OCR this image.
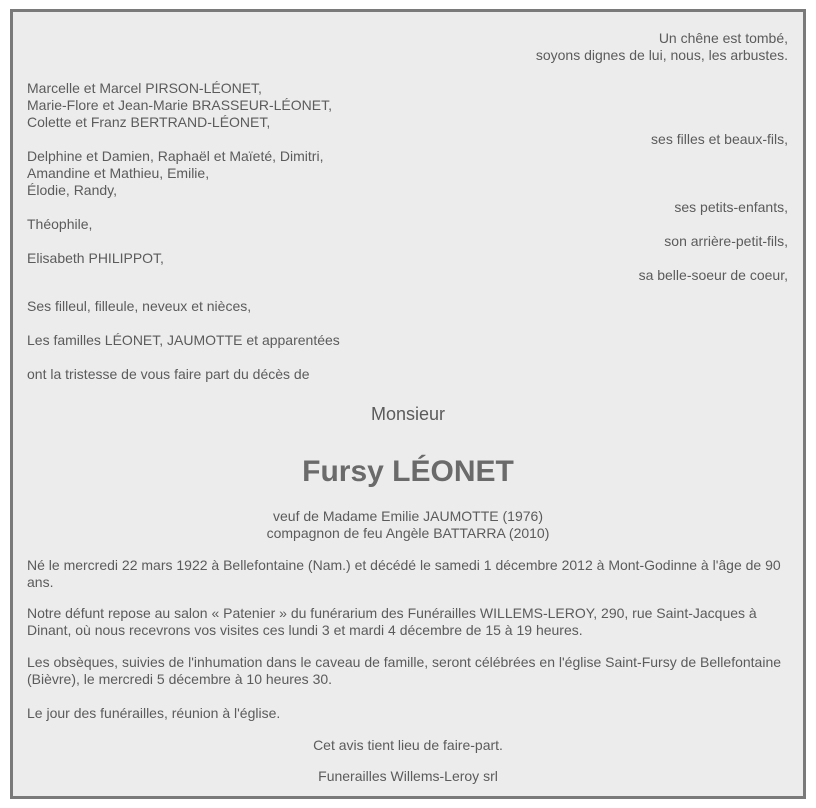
Un chêne est tombé,
soyons dignes de lui, nous, les arbustes.
Marcelle et Marcel PIRSON-LÉONET,
Marie-Flore et Jean-Marie BRASSEUR-LÉONET,
Colette et Franz BERTRAND-LÉONET,
ses filles et beaux-fils,
Delphine et Damien, Raphaël et Maïeté, Dimitri,
Amandine et Mathieu, Emilie,
Élodie, Randy,
ses petits-enfants,
Théophile,
son arrière-petit-fils,
Elisabeth PHILIPPOT,
sa belle-soeur de coeur,
Ses filleul, filleule, neveux et nièces,
Les familles LÉONET, JAUMOTTE et apparentées
ont la tristesse de vous faire part du décès de
Monsieur
Fursy LÉONET
veuf de Madame Emilie JAUMOTTE (1976)
compagnon de feu Angèle BATTARRA (2010)
Né le mercredi 22 mars 1922 à Bellefontaine (Nam.) et décédé le samedi 1 décembre 2012 à Mont-Godinne à l'âge de 90 ans.
Notre défunt repose au salon « Patenier » du funérarium des Funérailles WILLEMS-LEROY, 290, rue Saint-Jacques à Dinant, où nous recevrons vos visites ces lundi 3 et mardi 4 décembre de 15 à 19 heures.
Les obsèques, suivies de l'inhumation dans le caveau de famille, seront célébrées en l'église Saint-Fursy de Bellefontaine (Bièvre), le mercredi 5 décembre à 10 heures 30.
Le jour des funérailles, réunion à l'église.
Cet avis tient lieu de faire-part.
Funerailles Willems-Leroy srl
